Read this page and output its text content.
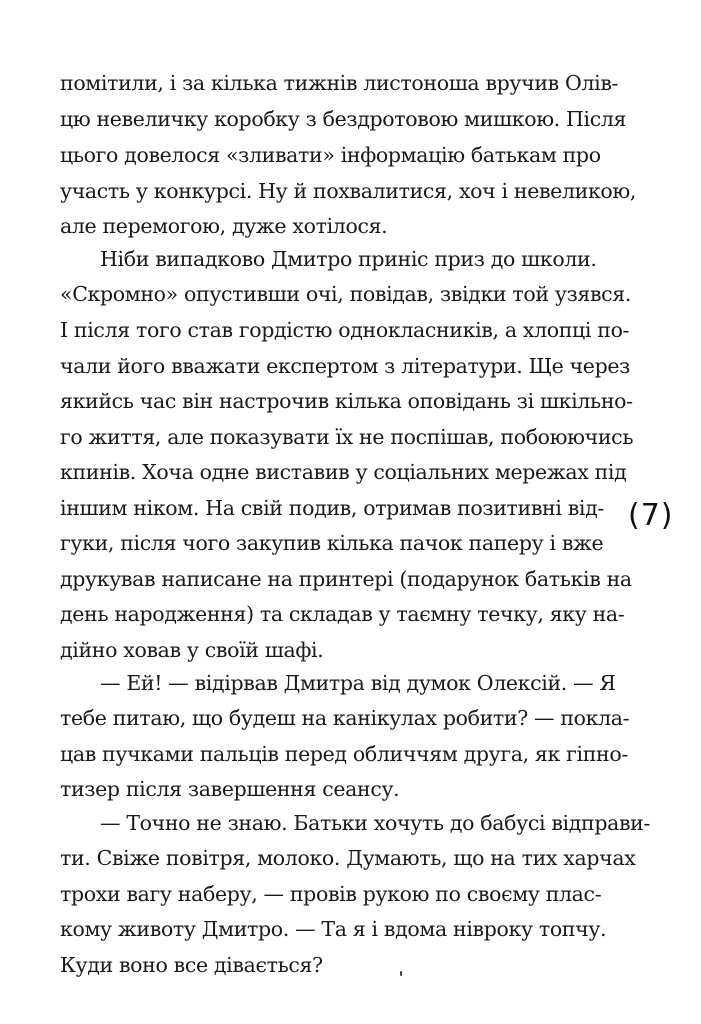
помітили, і за кілька тижнів листоноша вручив Олів-
цю невеличку коробку з бездротовою мишкою. Після
цього довелося «зливати» інформацію батькам про
участь у конкурсі. Ну й похвалитися, хоч і невеликою,
але перемогою, дуже хотілося.
Ніби випадково Дмитро приніс приз до школи.
«Скромно» опустивши очі, повідав, звідки той узявся.
І після того став гордістю однокласників, а хлопці по-
чали його вважати експертом з літератури. Ще через
якийсь час він настрочив кілька оповідань зі шкільно-
го життя, але показувати їх не поспішав, побоюючись
кпинів. Хоча одне виставив у соціальних мережах під
іншим ніком. На свій подив, отримав позитивні від-
гуки, після чого закупив кілька пачок паперу і вже
друкував написане на принтері (подарунок батьків на
день народження) та складав у таємну течку, яку на-
дійно ховав у своїй шафі.
— Ей! — відірвав Дмитра від думок Олексій. — Я
тебе питаю, що будеш на канікулах робити? — покла-
цав пучками пальців перед обличчям друга, як гіпно-
тизер після завершення сеансу.
— Точно не знаю. Батьки хочуть до бабусі відправи-
ти. Свіже повітря, молоко. Думають, що на тих харчах
трохи вагу наберу, — провів рукою по своєму плас-
кому животу Дмитро. — Та я і вдома нівроку топчу.
Куди воно все дівається?
(7)
